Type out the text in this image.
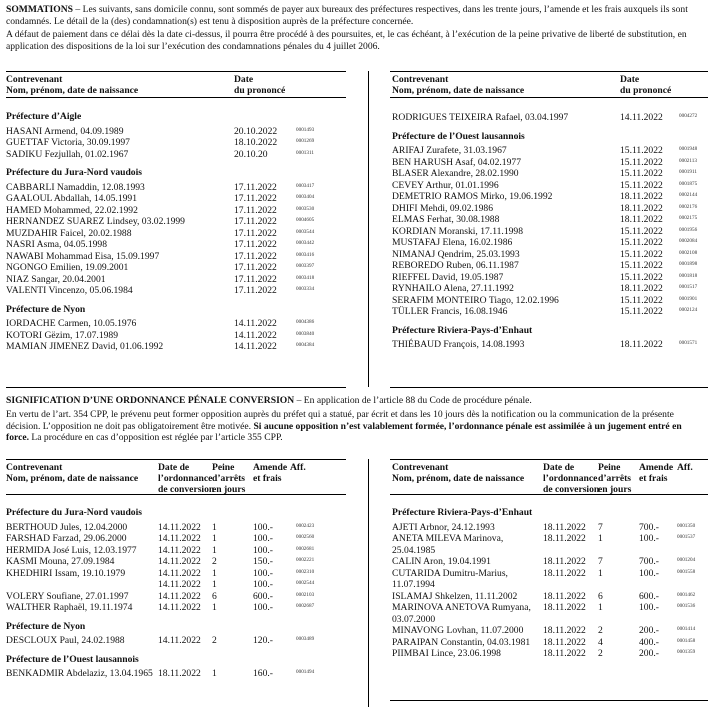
SOMMATIONS – Les suivants, sans domicile connu, sont sommés de payer aux bureaux des préfectures respectives, dans les trente jours, l’amende et les frais auxquels ils sont condamnés. Le détail de la (des) condamnation(s) est tenu à disposition auprès de la préfecture concernée.

A défaut de paiement dans ce délai dès la date ci-dessus, il pourra être procédé à des poursuites, et, le cas échéant, à l’exécution de la peine privative de liberté de substitution, en application des dispositions de la loi sur l’exécution des condamnations pénales du 4 juillet 2006.

Contrevenant
Nom, prénom, date de naissance
Date
du prononcé
Contrevenant
Nom, prénom, date de naissance
Date
du prononcé
Préfecture d’Aigle
HASANI Armend, 04.09.1989	20.10.2022	0001493
GUETTAF Victoria, 30.09.1997	18.10.2022	0001269
SADIKU Fezjullah, 01.02.1967	20.10.20	0001311
Préfecture du Jura-Nord vaudois
CABBARLI Namaddin, 12.08.1993	17.11.2022	0003417
GAALOUL Abdallah, 14.05.1991	17.11.2022	0003404
HAMED Mohammed, 22.02.1992	17.11.2022	0003530
HERNANDEZ SUAREZ Lindsey, 03.02.1999	17.11.2022	0004605
MUZDAHIR Faicel, 20.02.1988	17.11.2022	0003544
NASRI Asma, 04.05.1998	17.11.2022	0003442
NAWABI Mohammad Eisa, 15.09.1997	17.11.2022	0003416
NGONGO Emilien, 19.09.2001	17.11.2022	0003397
NIAZ Sangar, 20.04.2001	17.11.2022	0003418
VALENTI Vincenzo, 05.06.1984	17.11.2022	0003334
Préfecture de Nyon
IORDACHE Carmen, 10.05.1976	14.11.2022	0004386
KOTORI Gëzim, 17.07.1989	14.11.2022	0003840
MAMIAN JIMENEZ David, 01.06.1992	14.11.2022	0004384
RODRIGUES TEIXEIRA Rafael, 03.04.1997	14.11.2022	0004272
Préfecture de l’Ouest lausannois
ARIFAJ Zurafete, 31.03.1967	15.11.2022	0001948
BEN HARUSH Asaf, 04.02.1977	15.11.2022	0002113
BLASER Alexandre, 28.02.1990	15.11.2022	0001911
CEVEY Arthur, 01.01.1996	15.11.2022	0001875
DEMETRIO RAMOS Mirko, 19.06.1992	18.11.2022	0002144
DHIFI Mehdi, 09.02.1986	18.11.2022	0002176
ELMAS Ferhat, 30.08.1988	18.11.2022	0002175
KORDIAN Moranski, 17.11.1998	15.11.2022	0001956
MUSTAFAJ Elena, 16.02.1986	15.11.2022	0002084
NIMANAJ Qendrim, 25.03.1993	15.11.2022	0002108
REBOREDO Ruben, 06.11.1987	15.11.2022	0001898
RIEFFEL David, 19.05.1987	15.11.2022	0001818
RYNHAILO Alena, 27.11.1992	18.11.2022	0001517
SERAFIM MONTEIRO Tiago, 12.02.1996	15.11.2022	0001901
TÜLLER Francis, 16.08.1946	15.11.2022	0002124
Préfecture Riviera-Pays-d’Enhaut
THIÉBAUD François, 14.08.1993	18.11.2022	0001571

SIGNIFICATION D’UNE ORDONNANCE PÉNALE CONVERSION – En application de l’article 88 du Code de procédure pénale.

En vertu de l’art. 354 CPP, le prévenu peut former opposition auprès du préfet qui a statué, par écrit et dans les 10 jours dès la notification ou la communication de la présente décision. L’opposition ne doit pas obligatoirement être motivée. Si aucune opposition n’est valablement formée, l’ordonnance pénale est assimilée à un jugement entré en force. La procédure en cas d’opposition est réglée par l’article 355 CPP.

Contrevenant
Nom, prénom, date de naissance
Date de
l’ordonnance
de conversion
Peine
d’arrêts
en jours
Amende
et frais
Aff.	Contrevenant
Nom, prénom, date de naissance
Date de
l’ordonnance
de conversion
Peine
d’arrêts
en jours
Amende
et frais
Aff.
Préfecture du Jura-Nord vaudois
BERTHOUD Jules, 12.04.2000	14.11.2022 1	100.-	0002423
FARSHAD Farzad, 29.06.2000	14.11.2022 1	100.-	0002560
HERMIDA José Luis, 12.03.1977	14.11.2022 1	100.-	0002681
KASMI Mouna, 27.09.1984	14.11.2022 2	150.-	0002221
KHEDHIRI Issam, 19.10.1979	14.11.2022 1	100.-	0002310
14.11.2022 1	100.-	0002544
VOLERY Soufiane, 27.01.1997	14.11.2022 6	600.-	0002103
WALTHER Raphaël, 19.11.1974	14.11.2022 1	100.-	0002687
Préfecture de Nyon
DESCLOUX Paul, 24.02.1988	14.11.2022 2	120.-	0003489
Préfecture de l’Ouest lausannois
BENKADMIR Abdelaziz, 13.04.1965 18.11.2022 1	160.-	0001494
Préfecture Riviera-Pays-d’Enhaut
AJETI Arbnor, 24.12.1993	18.11.2022 7	700.-	0001350
ANETA MILEVA Marinova, 25.04.1985
18.11.2022 1	100.-	0001537
CALIN Aron, 19.04.1991	18.11.2022 7	700.-	0001204
CUTARIDA Dumitru-Marius, 11.07.1994
18.11.2022 1	100.-	0001558
ISLAMAJ Shkelzen, 11.11.2002	18.11.2022 6	600.-	0001462
MARINOVA ANETOVA Rumyana, 03.07.2000
18.11.2022 1	100.-	0001536
MINAVONG Lovhan, 11.07.2000	18.11.2022 2	200.-	0001414
PARAIPAN Constantin, 04.03.1981	18.11.2022 4	400.-	0001458
PIIMBAI Lince, 23.06.1998	18.11.2022 2	200.-	0001359
